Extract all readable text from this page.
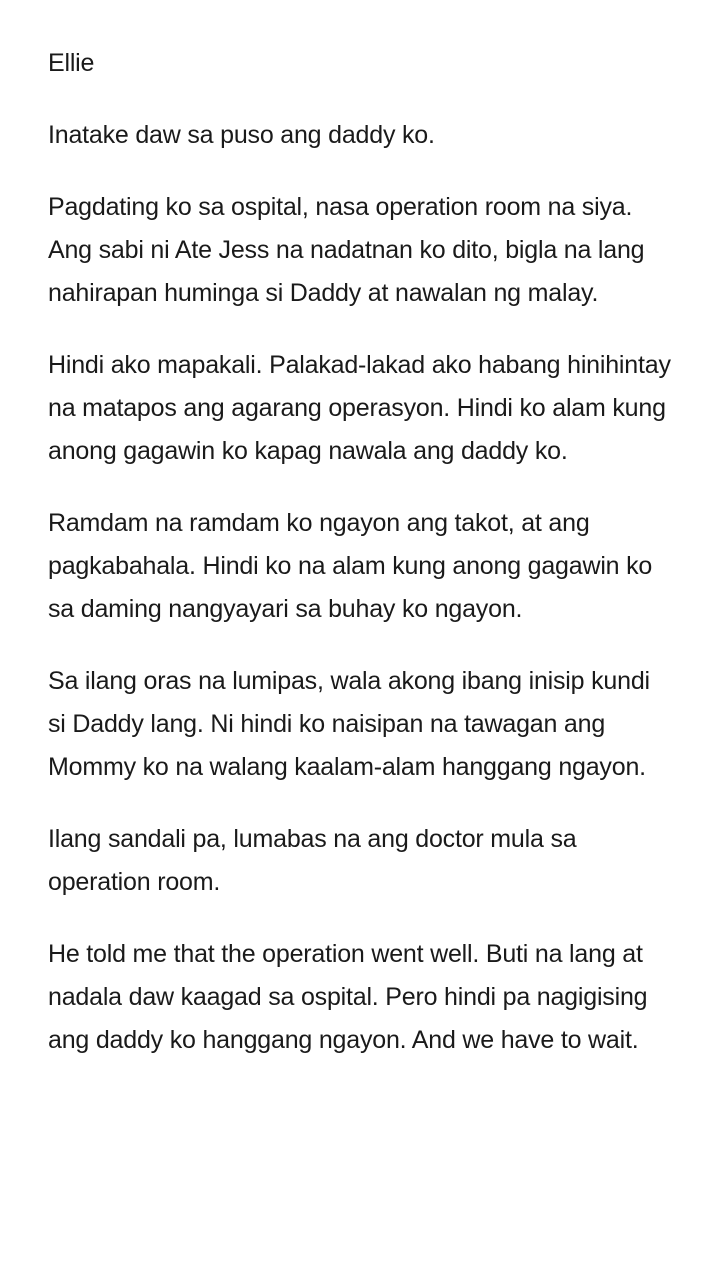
Ellie

Inatake daw sa puso ang daddy ko.

Pagdating ko sa ospital, nasa operation room na siya. Ang sabi ni Ate Jess na nadatnan ko dito, bigla na lang nahirapan huminga si Daddy at nawalan ng malay.

Hindi ako mapakali. Palakad-lakad ako habang hinihintay na matapos ang agarang operasyon. Hindi ko alam kung anong gagawin ko kapag nawala ang daddy ko.

Ramdam na ramdam ko ngayon ang takot, at ang pagkabahala. Hindi ko na alam kung anong gagawin ko sa daming nangyayari sa buhay ko ngayon.

Sa ilang oras na lumipas, wala akong ibang inisip kundi si Daddy lang. Ni hindi ko naisipan na tawagan ang Mommy ko na walang kaalam-alam hanggang ngayon.

Ilang sandali pa, lumabas na ang doctor mula sa operation room.

He told me that the operation went well. Buti na lang at nadala daw kaagad sa ospital. Pero hindi pa nagigising ang daddy ko hanggang ngayon. And we have to wait.
